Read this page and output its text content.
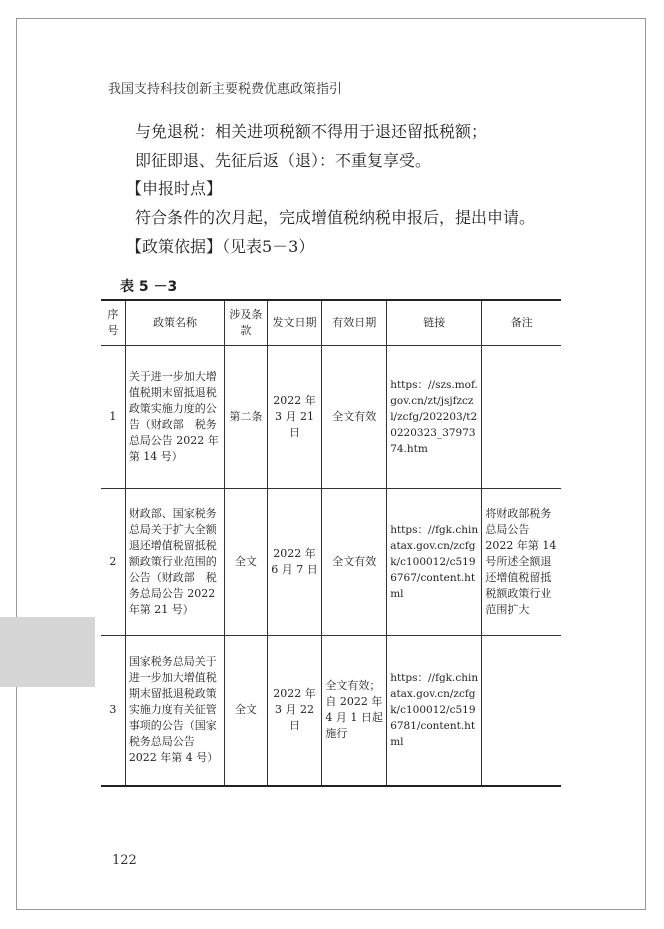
我国支持科技创新主要税费优惠政策指引
与免退税：相关进项税额不得用于退还留抵税额；
即征即退、先征后返（退）：不重复享受。
【申报时点】
符合条件的次月起，完成增值税纳税申报后，提出申请。
【政策依据】（见表5－3）
表 5 －3
序号	政策名称	涉及条款	发文日期	有效日期	链接	备注
1	关于进一步加大增值税期末留抵退税政策实施力度的公告（财政部　税务总局公告 2022 年第 14 号）	第二条	2022 年 3 月 21 日	全文有效	https：//szs.mof.gov.cn/zt/jsjfzczl/zcfg/202203/t20220323_3797374.htm	
2	财政部、国家税务总局关于扩大全额退还增值税留抵税额政策行业范围的公告（财政部　税务总局公告 2022 年第 21 号）	全文	2022 年 6 月 7 日	全文有效	https：//fgk.chinatax.gov.cn/zcfgk/c100012/c5196767/content.html	将财政部税务总局公告 2022 年第 14 号所述全额退还增值税留抵税额政策行业范围扩大
3	国家税务总局关于进一步加大增值税期末留抵退税政策实施力度有关征管事项的公告（国家税务总局公告 2022 年第 4 号）	全文	2022 年 3 月 22 日	全文有效；自 2022 年 4 月 1 日起施行	https：//fgk.chinatax.gov.cn/zcfgk/c100012/c5196781/content.html	
122
